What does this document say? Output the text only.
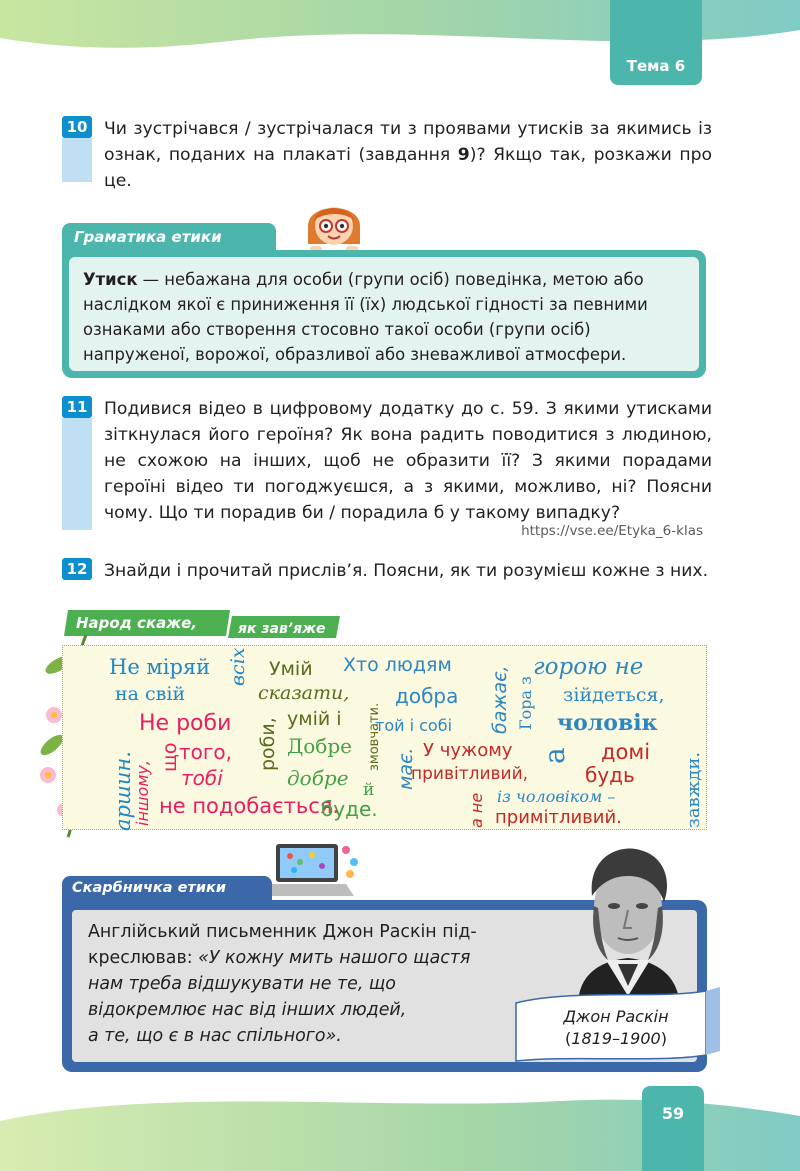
Тема 6
10 Чи зустрічався / зустрічалася ти з проявами утисків за якимись із ознак, поданих на плакаті (завдання 9)? Якщо так, розкажи про це.
Граматика етики
Утиск — небажана для особи (групи осіб) поведінка, метою або наслідком якої є приниження її (їх) людської гідності за певними ознаками або створення стосовно такої особи (групи осіб) напруженої, ворожої, образливої або зневажливої атмосфери.
11 Подивися відео в цифровому додатку до с. 59. З якими утисками зіткнулася його героїня? Як вона радить поводитися з людиною, не схожою на інших, щоб не образити її? З якими порадами героїні відео ти погоджуєшся, а з якими, можливо, ні? Поясни чому. Що ти порадив би / порадила б у такому випадку?
https://vse.ee/Etyka_6-klas
12 Знайди і прочитай прислів’я. Поясни, як ти розумієш кожне з них.
Народ скаже,	як зав’яже
Не міряй
на свій
всіх
аршин.
Не роби
іншому,
що
того,
тобі
не подобається.
Умій
сказати,
умій і змовчати.
роби, Добре
добре й
буде.
Хто людям
добра
той і собі бажає,
має.
Гора з
горою не
зійдеться,
чоловік
а
У чужому	домі
привітливий,	будь
із чоловіком –
а не примітливий.	завжди.
Скарбничка етики
Англійський письменник Джон Раскін під-
креслював: «У кожну мить нашого щастя
нам треба відшукувати не те, що
відокремлює нас від інших людей,
а те, що є в нас спільного».
Джон Раскін
(1819–1900)
59
